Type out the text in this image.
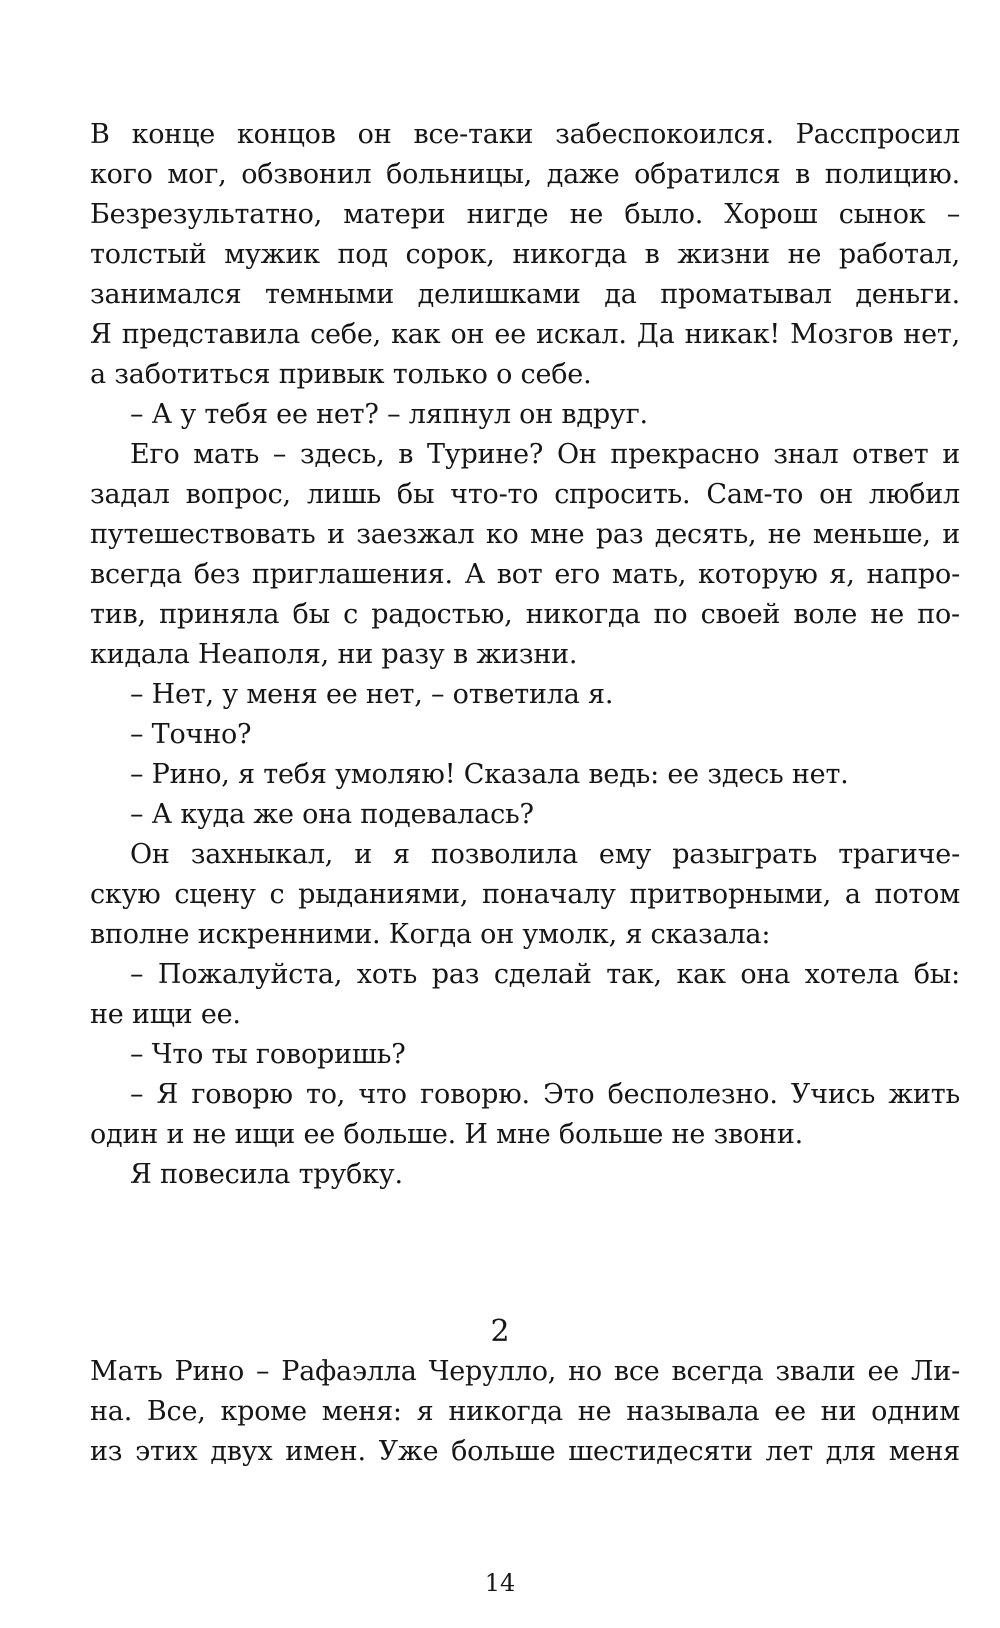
В конце концов он все-таки забеспокоился. Расспросил
кого мог, обзвонил больницы, даже обратился в полицию.
Безрезультатно, матери нигде не было. Хорош сынок –
толстый мужик под сорок, никогда в жизни не работал,
занимался темными делишками да проматывал деньги.
Я представила себе, как он ее искал. Да никак! Мозгов нет,
а заботиться привык только о себе.
– А у тебя ее нет? – ляпнул он вдруг.
Его мать – здесь, в Турине? Он прекрасно знал ответ и
задал вопрос, лишь бы что-то спросить. Сам-то он любил
путешествовать и заезжал ко мне раз десять, не меньше, и
всегда без приглашения. А вот его мать, которую я, напро-
тив, приняла бы с радостью, никогда по своей воле не по-
кидала Неаполя, ни разу в жизни.
– Нет, у меня ее нет, – ответила я.
– Точно?
– Рино, я тебя умоляю! Сказала ведь: ее здесь нет.
– А куда же она подевалась?
Он захныкал, и я позволила ему разыграть трагиче-
скую сцену с рыданиями, поначалу притворными, а потом
вполне искренними. Когда он умолк, я сказала:
– Пожалуйста, хоть раз сделай так, как она хотела бы:
не ищи ее.
– Что ты говоришь?
– Я говорю то, что говорю. Это бесполезно. Учись жить
один и не ищи ее больше. И мне больше не звони.
Я повесила трубку.
2
Мать Рино – Рафаэлла Черулло, но все всегда звали ее Ли-
на. Все, кроме меня: я никогда не называла ее ни одним
из этих двух имен. Уже больше шестидесяти лет для меня
14
